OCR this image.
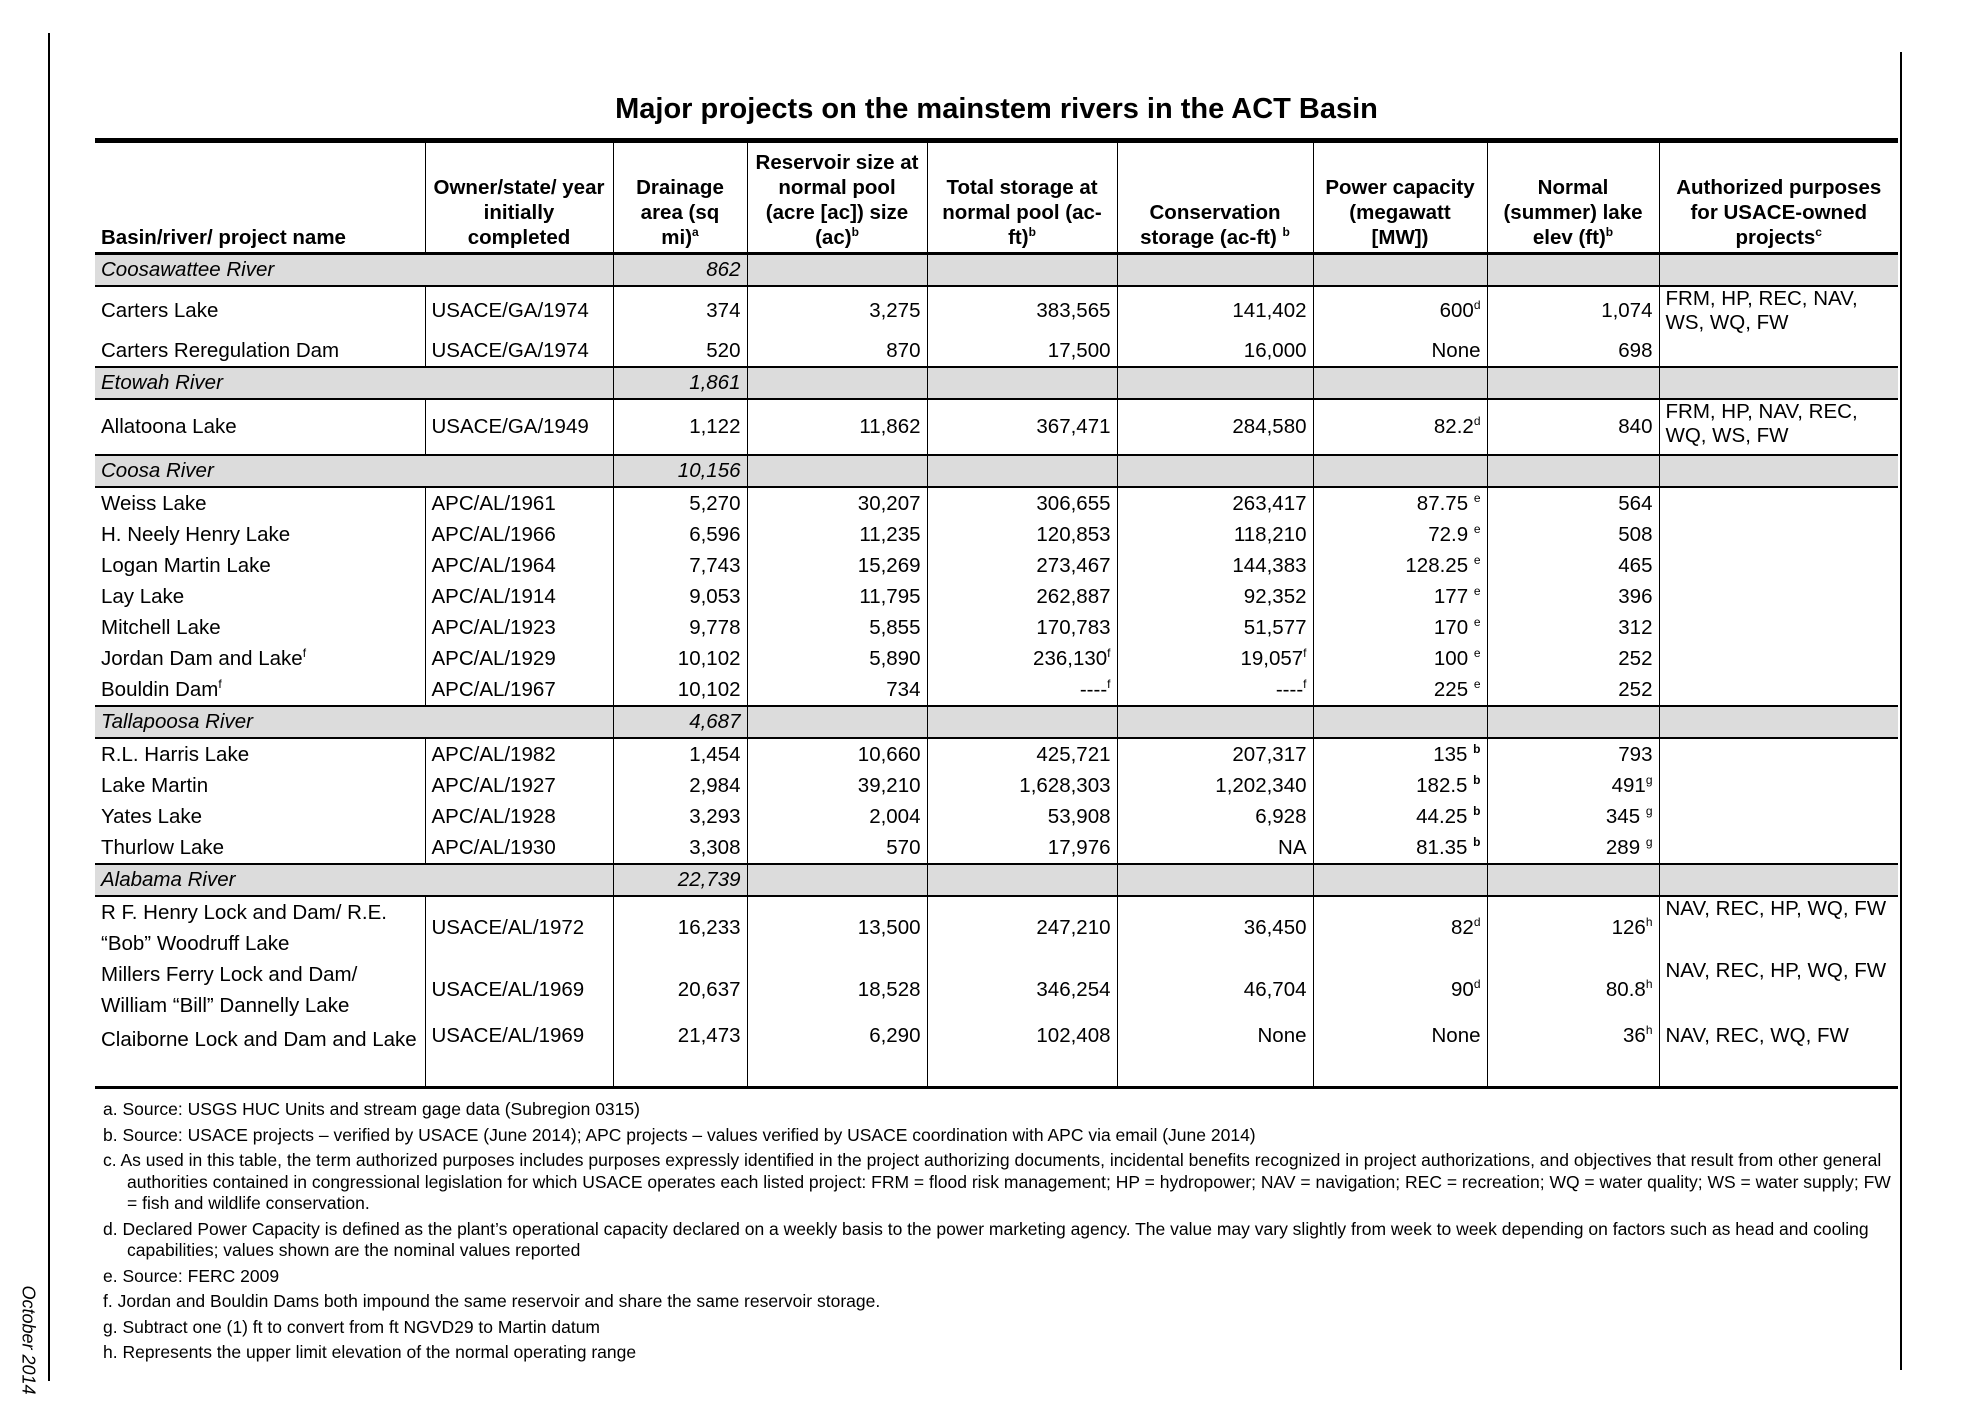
October 2014
Major projects on the mainstem rivers in the ACT Basin
Basin/river/ project name	Owner/state/ year initially completed	Drainage area (sq mi)$^a$	Reservoir size at normal pool (acre [ac]) size (ac)$^b$	Total storage at normal pool $(ac-ft)^b$	Conservation storage (ac-ft) $^b$	Power capacity (megawatt [MW])	Normal (summer) lake elev (ft)$^b$	Authorized purposes for USACE-owned projects$^c$
Coosawattee River		862						
Carters Lake	USACE/GA/1974	374	3,275	383,565	141,402	600$^d$	1,074	FRM, HP, REC, NAV, WS, WQ, FW
Carters Reregulation Dam	USACE/GA/1974	520	870	17,500	16,000	None	698	
Etowah River		1,861						
Allatoona Lake	USACE/GA/1949	1,122	11,862	367,471	284,580	82.2$^d$	840	FRM, HP, NAV, REC, WQ, WS, FW
Coosa River		10,156						
Weiss Lake	APC/AL/1961	5,270	30,207	306,655	263,417	87.75 $^e$	564	
H. Neely Henry Lake	APC/AL/1966	6,596	11,235	120,853	118,210	72.9 $^e$	508	
Logan Martin Lake	APC/AL/1964	7,743	15,269	273,467	144,383	128.25 $^e$	465	
Lay Lake	APC/AL/1914	9,053	11,795	262,887	92,352	177 $^e$	396	
Mitchell Lake	APC/AL/1923	9,778	5,855	170,783	51,577	170 $^e$	312	
Jordan Dam and Lake$^f$	APC/AL/1929	10,102	5,890	236,130$^f$	19,057$^f$	100 $^e$	252	
Bouldin Dam$^f$	APC/AL/1967	10,102	734	----$^f$	----$^f$	225 $^e$	252	
Tallapoosa River		4,687						
R.L. Harris Lake	APC/AL/1982	1,454	10,660	425,721	207,317	135 $^b$	793	
Lake Martin	APC/AL/1927	2,984	39,210	1,628,303	1,202,340	182.5 $^b$	491$^g$	
Yates Lake	APC/AL/1928	3,293	2,004	53,908	6,928	44.25 $^b$	345 $^g$	
Thurlow Lake	APC/AL/1930	3,308	570	17,976	NA	81.35 $^b$	289 $^g$	
Alabama River		22,739						
R F. Henry Lock and Dam/ R.E. “Bob” Woodruff Lake	USACE/AL/1972	16,233	13,500	247,210	36,450	82$^d$	126$^h$	NAV, REC, HP, WQ, FW
Millers Ferry Lock and Dam/ William “Bill” Dannelly Lake	USACE/AL/1969	20,637	18,528	346,254	46,704	90$^d$	80.8$^h$	NAV, REC, HP, WQ, FW
Claiborne Lock and Dam and Lake	USACE/AL/1969	21,473	6,290	102,408	None	None	36$^h$	NAV, REC, WQ, FW
a. Source: USGS HUC Units and stream gage data (Subregion 0315)
b. Source: USACE projects – verified by USACE (June 2014); APC projects – values verified by USACE coordination with APC via email (June 2014)
c. As used in this table, the term authorized purposes includes purposes expressly identified in the project authorizing documents, incidental benefits recognized in project authorizations, and objectives that result from other general authorities contained in congressional legislation for which USACE operates each listed project: FRM = flood risk management; HP = hydropower; NAV = navigation; REC = recreation; WQ = water quality; WS = water supply; FW = fish and wildlife conservation.
d. Declared Power Capacity is defined as the plant’s operational capacity declared on a weekly basis to the power marketing agency. The value may vary slightly from week to week depending on factors such as head and cooling capabilities; values shown are the nominal values reported
e. Source: FERC 2009
f. Jordan and Bouldin Dams both impound the same reservoir and share the same reservoir storage.
g. Subtract one (1) ft to convert from ft NGVD29 to Martin datum
h. Represents the upper limit elevation of the normal operating range
